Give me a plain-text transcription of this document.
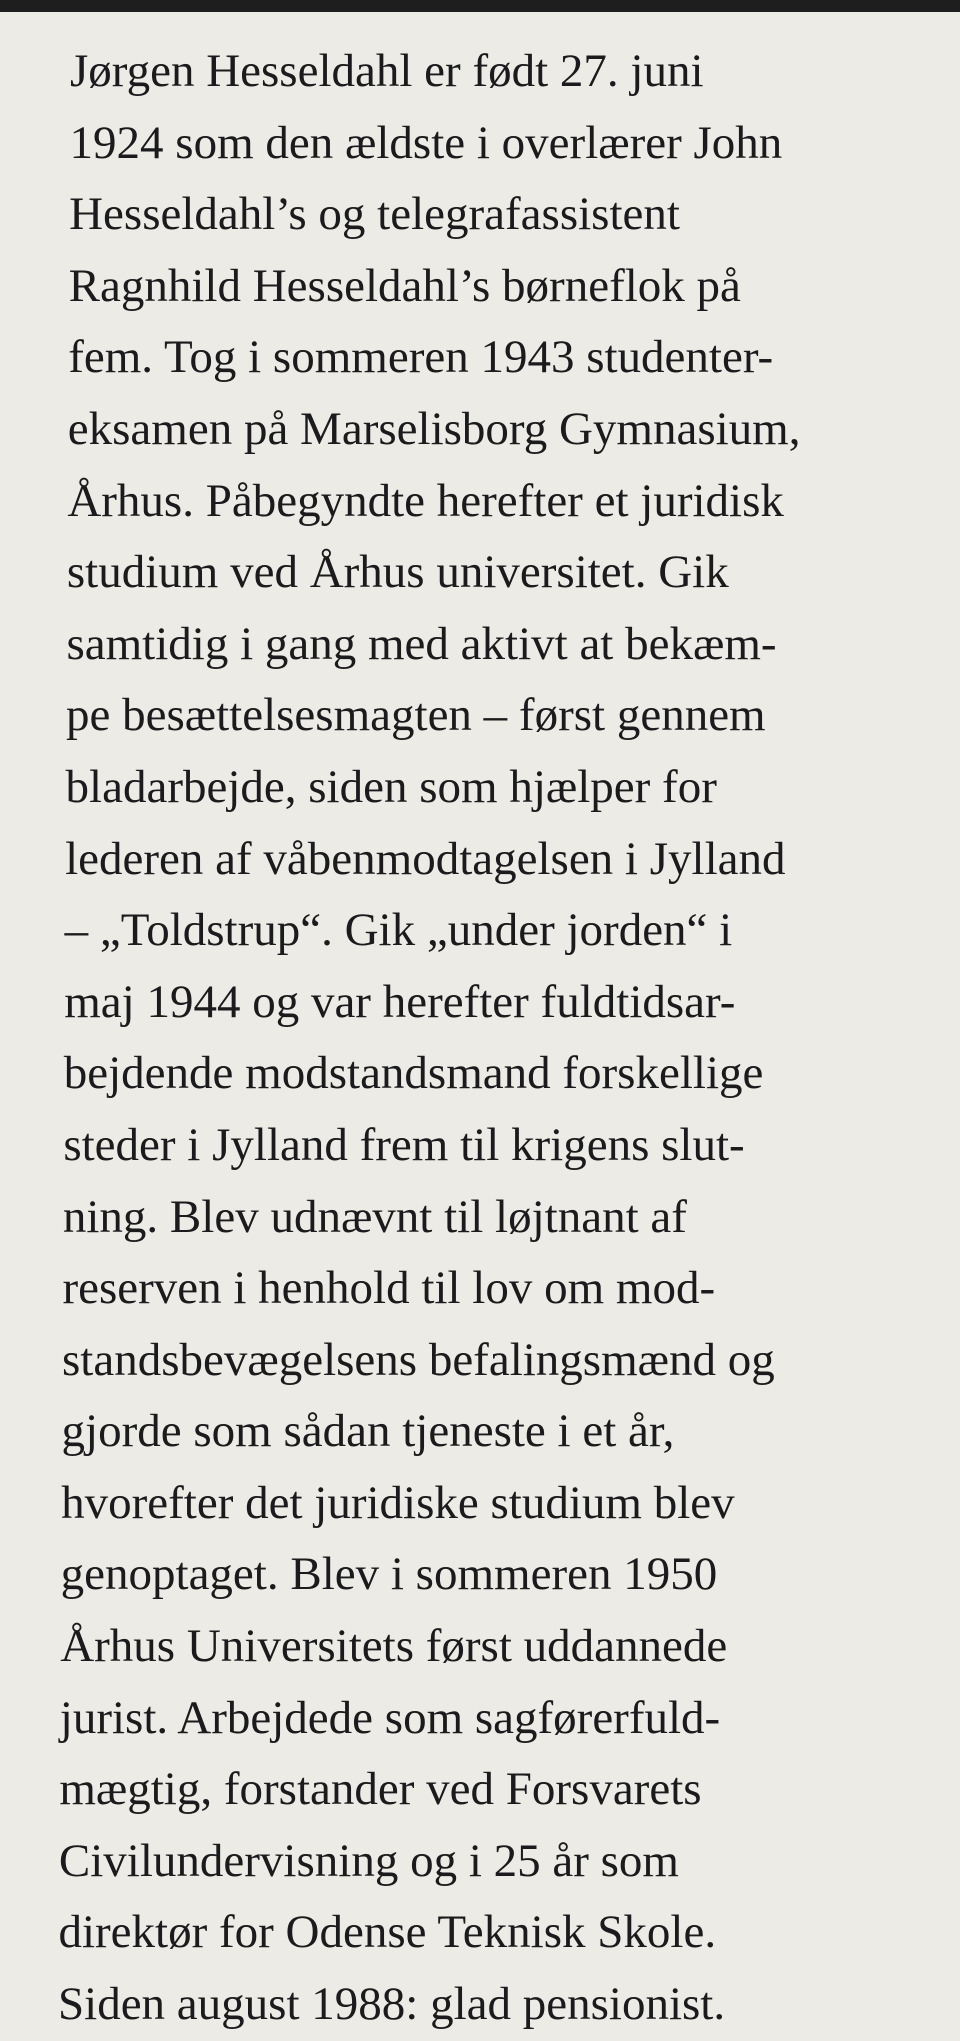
Jørgen Hesseldahl er født 27. juni
1924 som den ældste i overlærer John
Hesseldahl’s og telegrafassistent
Ragnhild Hesseldahl’s børneflok på
fem. Tog i sommeren 1943 studenter-
eksamen på Marselisborg Gymnasium,
Århus. Påbegyndte herefter et juridisk
studium ved Århus universitet. Gik
samtidig i gang med aktivt at bekæm-
pe besættelsesmagten – først gennem
bladarbejde, siden som hjælper for
lederen af våbenmodtagelsen i Jylland
– „Toldstrup“. Gik „under jorden“ i
maj 1944 og var herefter fuldtidsar-
bejdende modstandsmand forskellige
steder i Jylland frem til krigens slut-
ning. Blev udnævnt til løjtnant af
reserven i henhold til lov om mod-
standsbevægelsens befalingsmænd og
gjorde som sådan tjeneste i et år,
hvorefter det juridiske studium blev
genoptaget. Blev i sommeren 1950
Århus Universitets først uddannede
jurist. Arbejdede som sagførerfuld-
mægtig, forstander ved Forsvarets
Civilundervisning og i 25 år som
direktør for Odense Teknisk Skole.
Siden august 1988: glad pensionist.
